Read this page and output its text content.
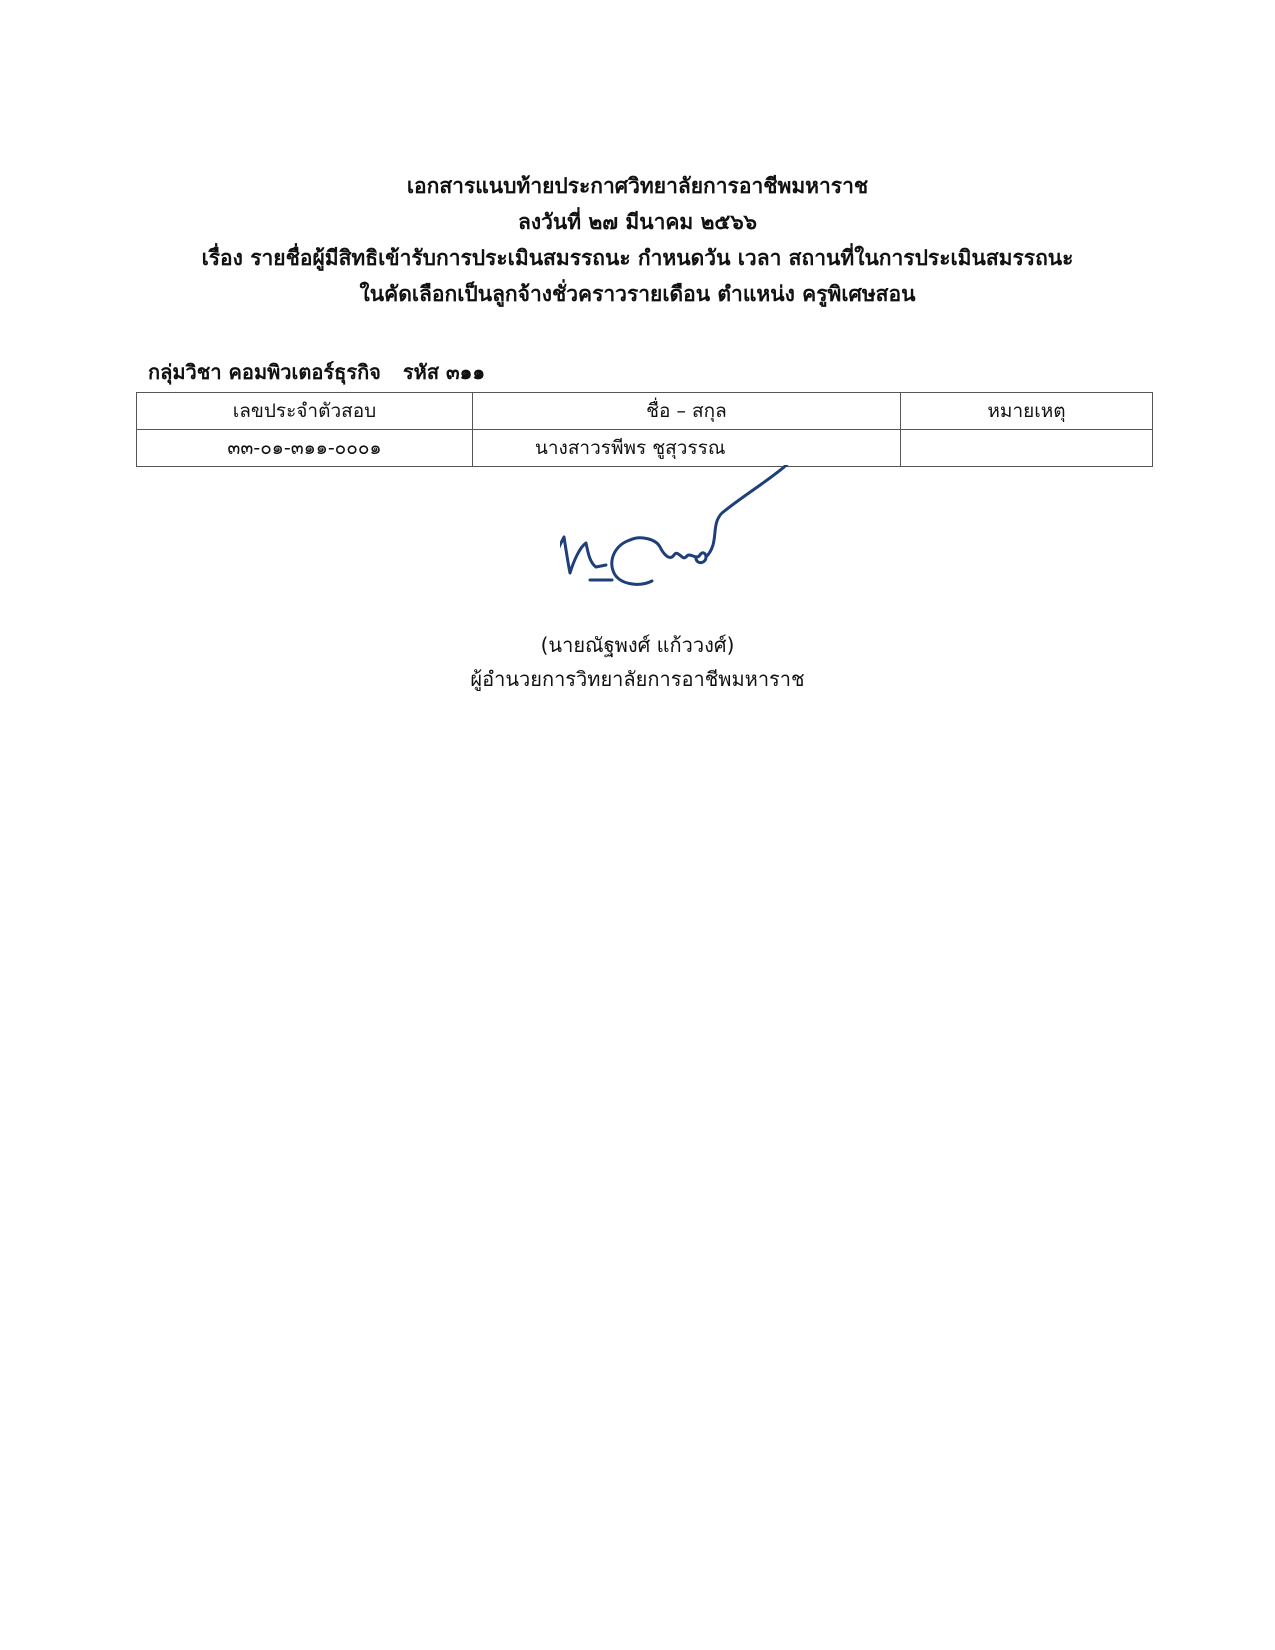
เอกสารแนบท้ายประกาศวิทยาลัยการอาชีพมหาราช
ลงวันที่ ๒๗ มีนาคม ๒๕๖๖
เรื่อง รายชื่อผู้มีสิทธิเข้ารับการประเมินสมรรถนะ กำหนดวัน เวลา สถานที่ในการประเมินสมรรถนะ
ในคัดเลือกเป็นลูกจ้างชั่วคราวรายเดือน ตำแหน่ง ครูพิเศษสอน
กลุ่มวิชา คอมพิวเตอร์ธุรกิจ รหัส ๓๑๑
เลขประจำตัวสอบ	ชื่อ – สกุล	หมายเหตุ
๓๓-๐๑-๓๑๑-๐๐๐๑	นางสาวรพีพร ชูสุวรรณ	
(นายณัฐพงศ์ แก้ววงศ์)
ผู้อำนวยการวิทยาลัยการอาชีพมหาราช
